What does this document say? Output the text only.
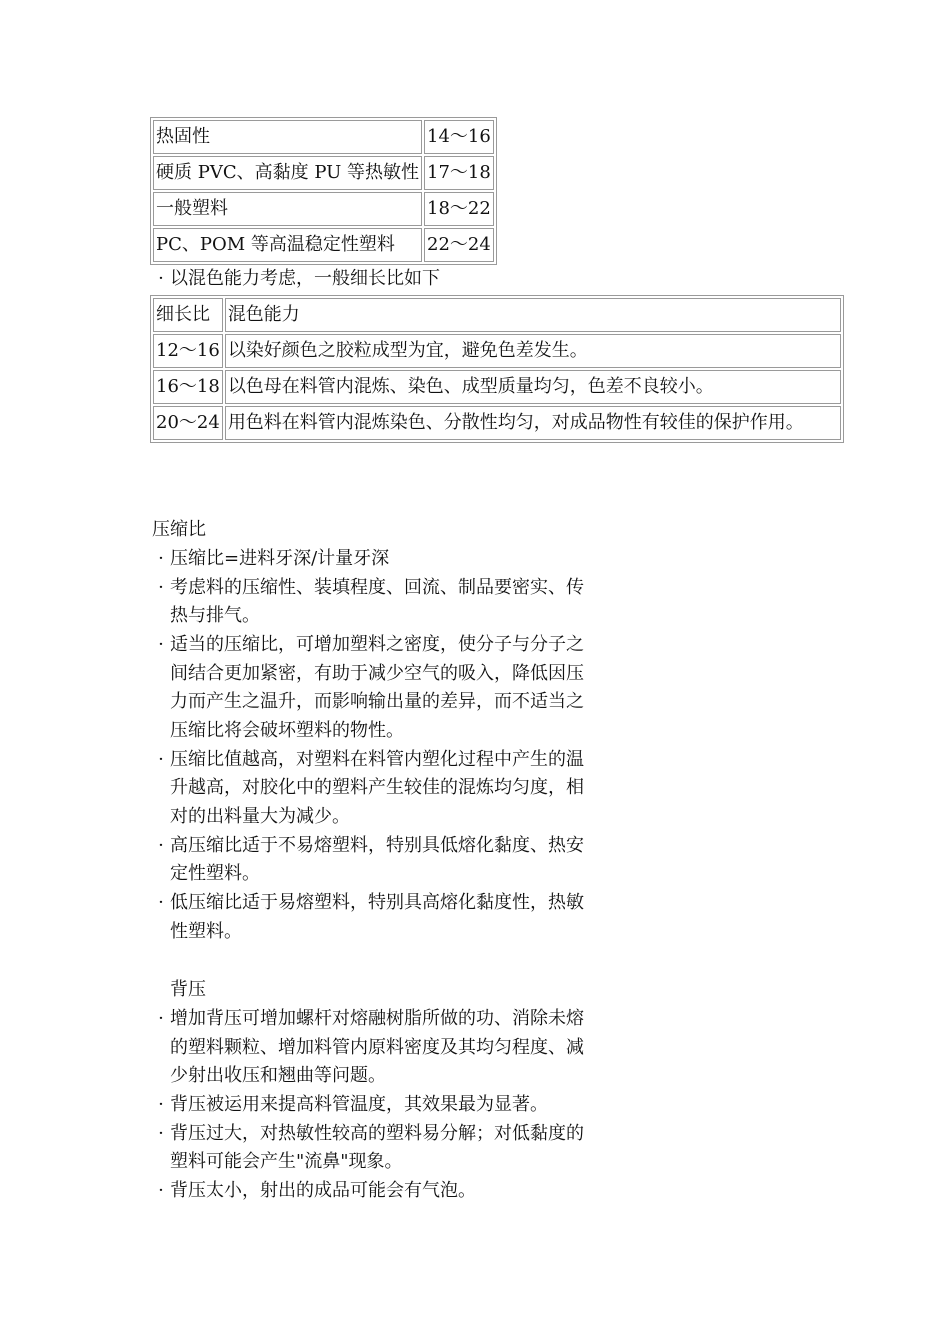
热固性	14～16
硬质 PVC、高黏度 PU 等热敏性	17～18
一般塑料	18～22
PC、POM 等高温稳定性塑料	22～24
· 以混色能力考虑，一般细长比如下
细长比	混色能力
12～16	以染好颜色之胶粒成型为宜，避免色差发生。
16～18	以色母在料管内混炼、染色、成型质量均匀，色差不良较小。
20～24	用色料在料管内混炼染色、分散性均匀，对成品物性有较佳的保护作用。
压缩比
· 压缩比=进料牙深/计量牙深
· 考虑料的压缩性、装填程度、回流、制品要密实、传
热与排气。
· 适当的压缩比，可增加塑料之密度，使分子与分子之
间结合更加紧密，有助于减少空气的吸入，降低因压
力而产生之温升，而影响输出量的差异，而不适当之
压缩比将会破坏塑料的物性。
· 压缩比值越高，对塑料在料管内塑化过程中产生的温
升越高，对胶化中的塑料产生较佳的混炼均匀度，相
对的出料量大为减少。
· 高压缩比适于不易熔塑料，特别具低熔化黏度、热安
定性塑料。
· 低压缩比适于易熔塑料，特别具高熔化黏度性，热敏
性塑料。
背压
· 增加背压可增加螺杆对熔融树脂所做的功、消除未熔
的塑料颗粒、增加料管内原料密度及其均匀程度、减
少射出收压和翘曲等问题。
· 背压被运用来提高料管温度，其效果最为显著。
· 背压过大，对热敏性较高的塑料易分解；对低黏度的
塑料可能会产生"流鼻"现象。
· 背压太小，射出的成品可能会有气泡。
